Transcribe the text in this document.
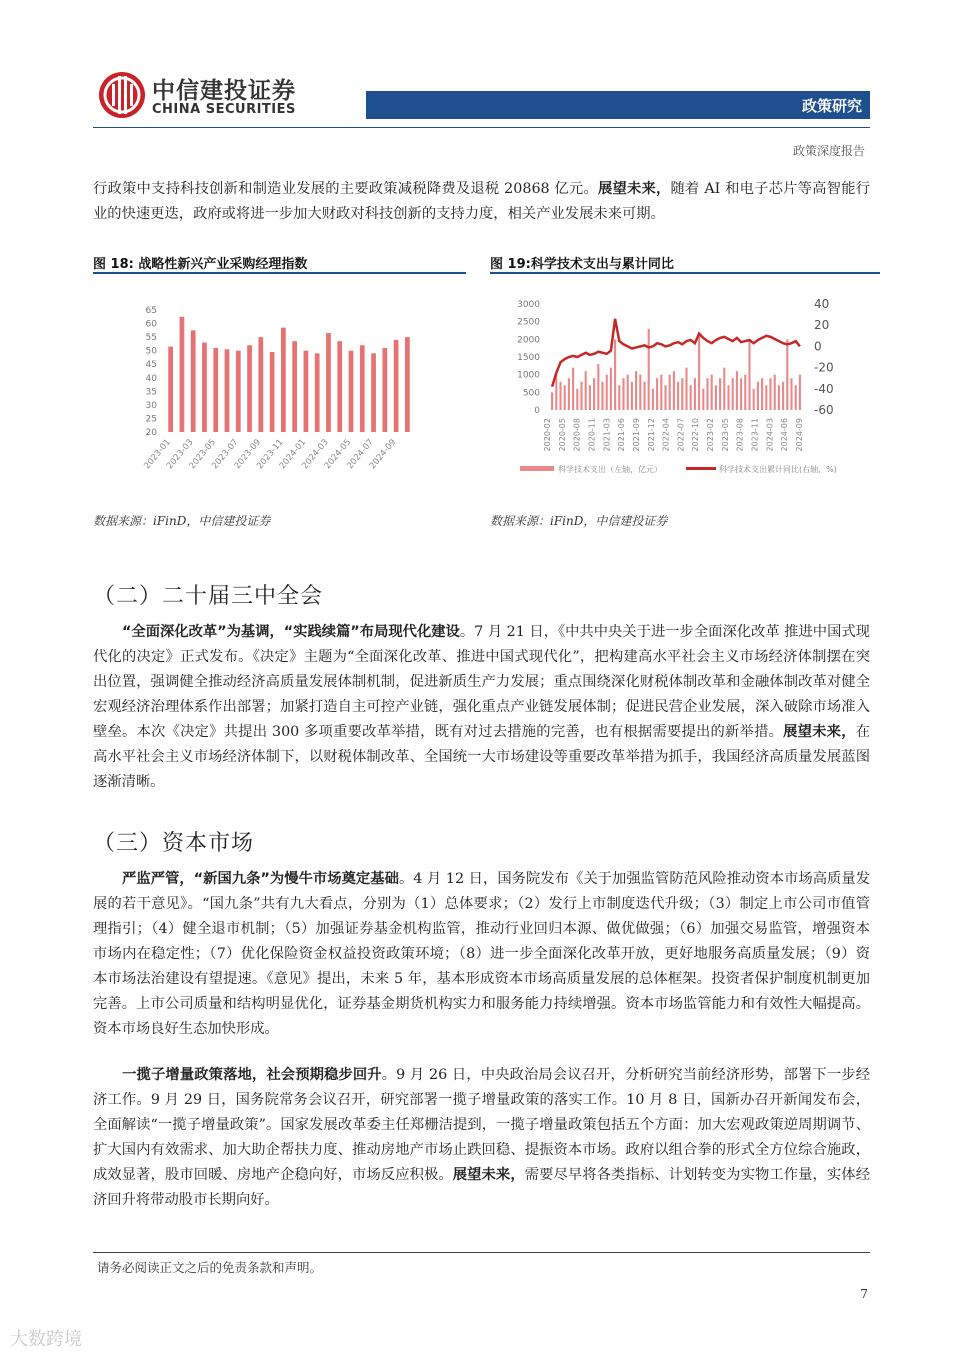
中信建投证券
CHINA SECURITIES	政策研究
政策深度报告
行政策中支持科技创新和制造业发展的主要政策减税降费及退税 20868 亿元。展望未来，随着 AI 和电子芯片等高智能行业的快速更迭，政府或将进一步加大财政对科技创新的支持力度，相关产业发展未来可期。
图 18: 战略性新兴产业采购经理指数	图 19:科学技术支出与累计同比
65
60
55
50
45
40
35
30
25
20
2023-01
2023-03
2023-05
2023-07
2023-09
2023-11
2024-01
2024-03
2024-05
2024-07
2024-09
3000
2500
2000
1500
1000
500
0
40
20
0
-20
-40
-60
2020-02 2020-05 2020-08 2020-11 2021-03 2021-06 2021-09 2021-12 2022-04 2022-07 2022-10 2023-02 2023-05 2023-08 2023-11 2024-03 2024-06 2024-09
科学技术支出（左轴，亿元）	科学技术支出累计同比(右轴，%)
数据来源：iFinD，中信建投证券	数据来源：iFinD，中信建投证券
（二）二十届三中全会
“全面深化改革”为基调，“实践续篇”布局现代化建设。7 月 21 日，《中共中央关于进一步全面深化改革 推进中国式现代化的决定》正式发布。《决定》主题为“全面深化改革、推进中国式现代化”，把构建高水平社会主义市场经济体制摆在突出位置，强调健全推动经济高质量发展体制机制，促进新质生产力发展；重点围绕深化财税体制改革和金融体制改革对健全宏观经济治理体系作出部署；加紧打造自主可控产业链，强化重点产业链发展体制；促进民营企业发展，深入破除市场准入壁垒。本次《决定》共提出 300 多项重要改革举措，既有对过去措施的完善，也有根据需要提出的新举措。展望未来，在高水平社会主义市场经济体制下，以财税体制改革、全国统一大市场建设等重要改革举措为抓手，我国经济高质量发展蓝图逐渐清晰。
（三）资本市场
严监严管，“新国九条”为慢牛市场奠定基础。4 月 12 日，国务院发布《关于加强监管防范风险推动资本市场高质量发展的若干意见》。“国九条”共有九大看点，分别为（1）总体要求；（2）发行上市制度迭代升级；（3）制定上市公司市值管理指引；（4）健全退市机制；（5）加强证券基金机构监管，推动行业回归本源、做优做强；（6）加强交易监管，增强资本市场内在稳定性；（7）优化保险资金权益投资政策环境；（8）进一步全面深化改革开放，更好地服务高质量发展；（9）资本市场法治建设有望提速。《意见》提出，未来 5 年，基本形成资本市场高质量发展的总体框架。投资者保护制度机制更加完善。上市公司质量和结构明显优化，证券基金期货机构实力和服务能力持续增强。资本市场监管能力和有效性大幅提高。资本市场良好生态加快形成。
一揽子增量政策落地，社会预期稳步回升。9 月 26 日，中央政治局会议召开，分析研究当前经济形势，部署下一步经济工作。9 月 29 日，国务院常务会议召开，研究部署一揽子增量政策的落实工作。10 月 8 日，国新办召开新闻发布会，全面解读“一揽子增量政策”。国家发展改革委主任郑栅洁提到，一揽子增量政策包括五个方面：加大宏观政策逆周期调节、扩大国内有效需求、加大助企帮扶力度、推动房地产市场止跌回稳、提振资本市场。政府以组合拳的形式全方位综合施政，成效显著，股市回暖、房地产企稳向好，市场反应积极。展望未来，需要尽早将各类指标、计划转变为实物工作量，实体经济回升将带动股市长期向好。
请务必阅读正文之后的免责条款和声明。
7
大数跨境
